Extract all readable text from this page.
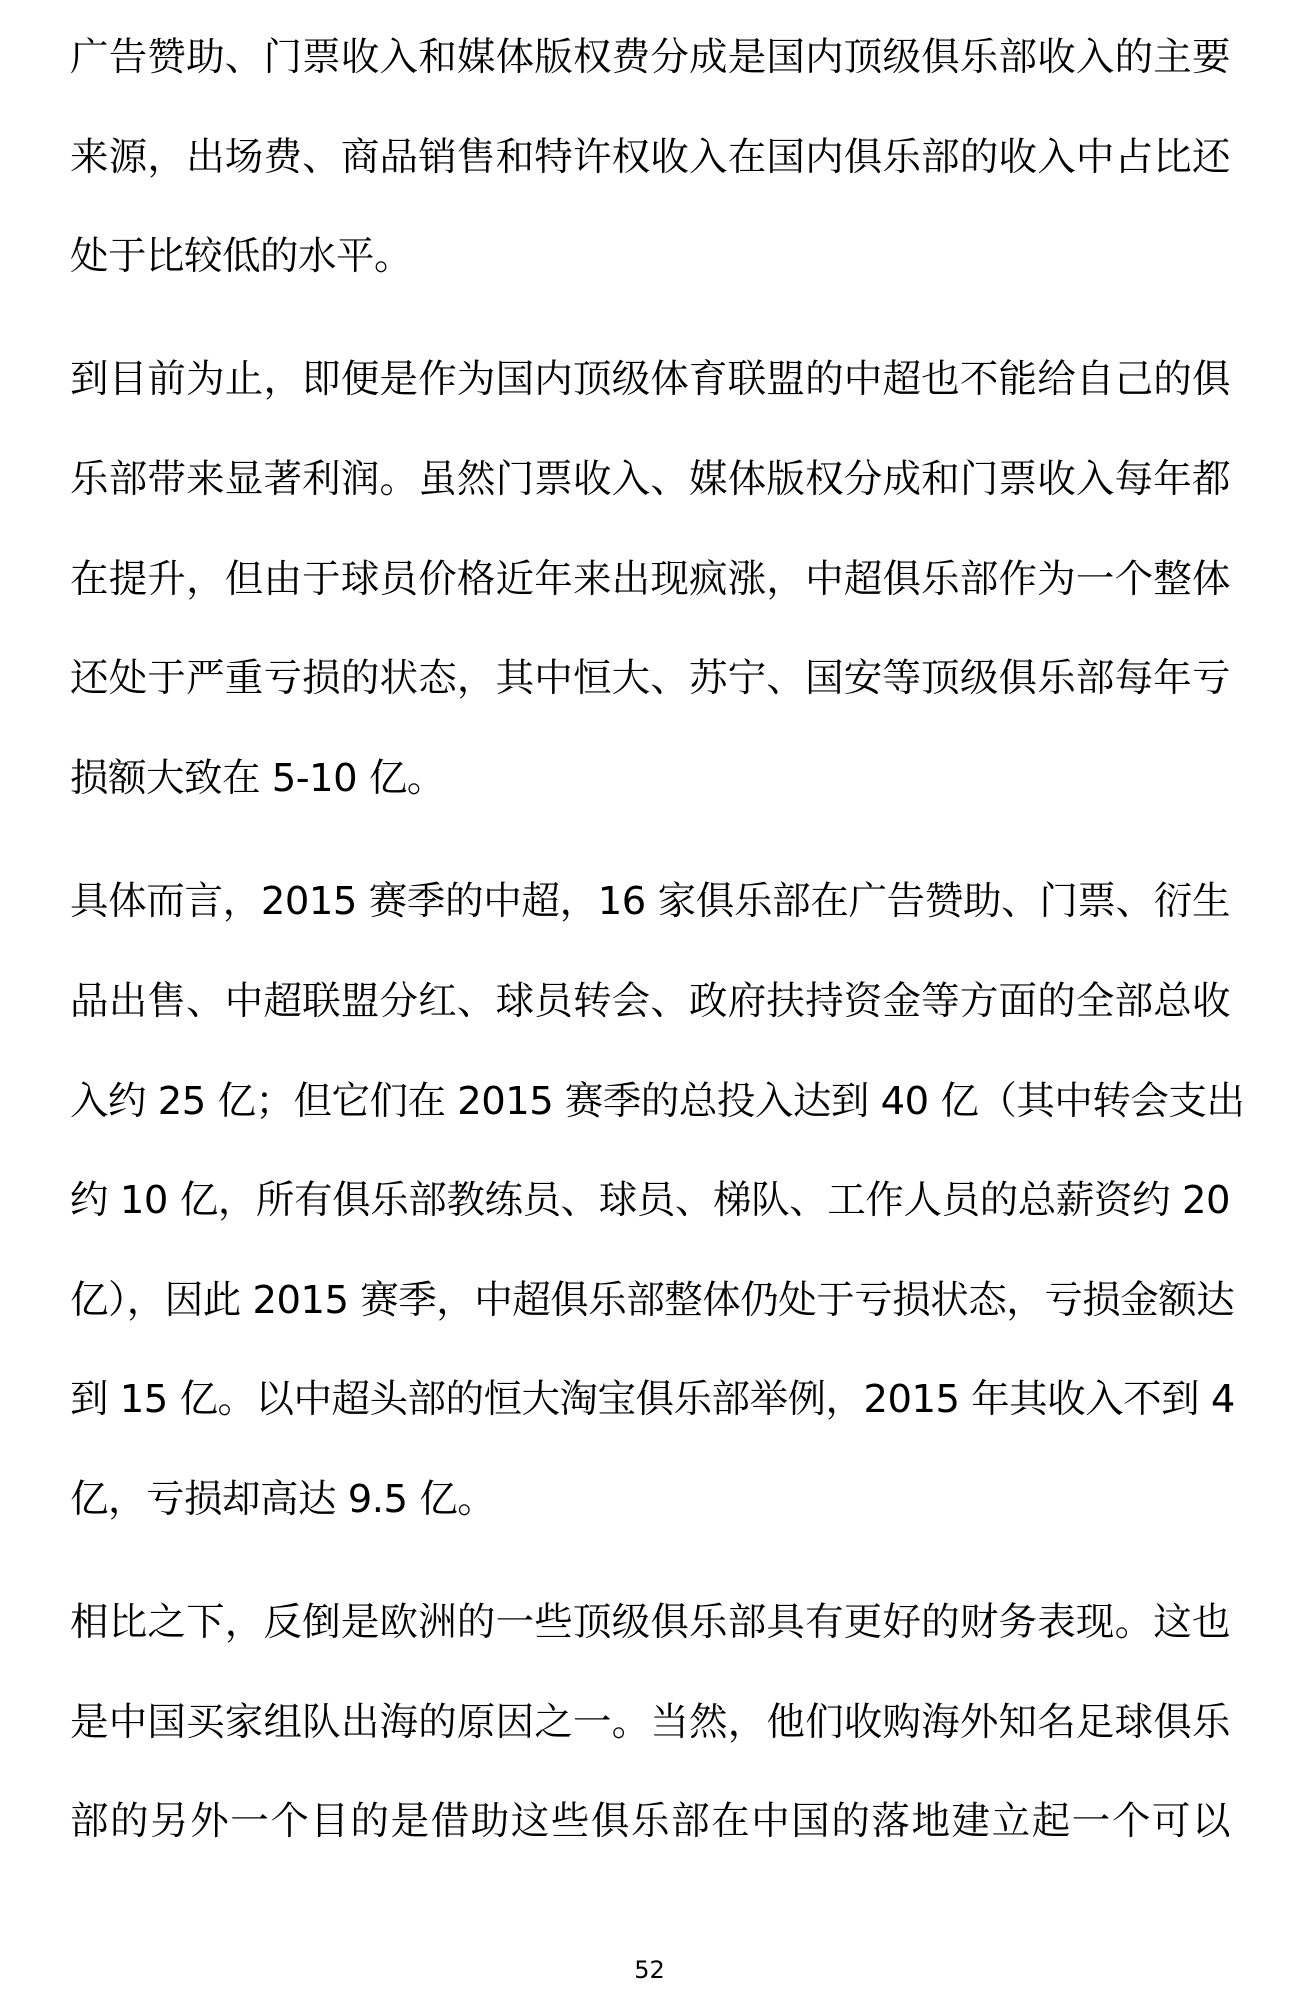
广告赞助、门票收入和媒体版权费分成是国内顶级俱乐部收入的主要
来源，出场费、商品销售和特许权收入在国内俱乐部的收入中占比还
处于比较低的水平。
到目前为止，即便是作为国内顶级体育联盟的中超也不能给自己的俱
乐部带来显著利润。虽然门票收入、媒体版权分成和门票收入每年都
在提升，但由于球员价格近年来出现疯涨，中超俱乐部作为一个整体
还处于严重亏损的状态，其中恒大、苏宁、国安等顶级俱乐部每年亏
损额大致在 5-10 亿。
具体而言，2015 赛季的中超，16 家俱乐部在广告赞助、门票、衍生
品出售、中超联盟分红、球员转会、政府扶持资金等方面的全部总收
入约 25 亿；但它们在 2015 赛季的总投入达到 40 亿（其中转会支出
约 10 亿，所有俱乐部教练员、球员、梯队、工作人员的总薪资约 20
亿），因此 2015 赛季，中超俱乐部整体仍处于亏损状态，亏损金额达
到 15 亿。以中超头部的恒大淘宝俱乐部举例，2015 年其收入不到 4
亿，亏损却高达 9.5 亿。
相比之下，反倒是欧洲的一些顶级俱乐部具有更好的财务表现。这也
是中国买家组队出海的原因之一。当然，他们收购海外知名足球俱乐
部的另外一个目的是借助这些俱乐部在中国的落地建立起一个可以
52
